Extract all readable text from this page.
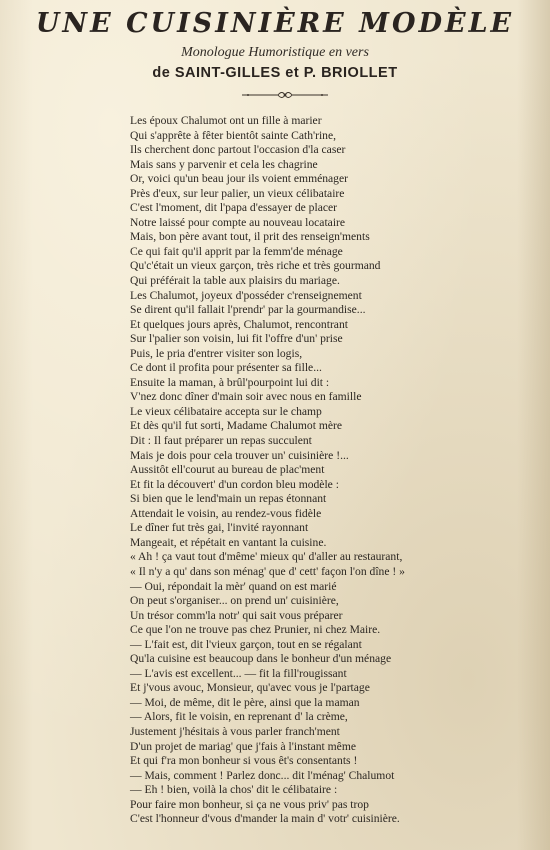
UNE CUISINIÈRE MODÈLE

Monologue Humoristique en vers

de SAINT-GILLES et P. BRIOLLET

Les époux Chalumot ont un fille à marier
Qui s'apprête à fêter bientôt sainte Cath'rine,
Ils cherchent donc partout l'occasion d'la caser
Mais sans y parvenir et cela les chagrine
Or, voici qu'un beau jour ils voient emménager
Près d'eux, sur leur palier, un vieux célibataire
C'est l'moment, dit l'papa d'essayer de placer
Notre laissé pour compte au nouveau locataire
Mais, bon père avant tout, il prit des renseign'ments
Ce qui fait qu'il apprit par la femm'de ménage
Qu'c'était un vieux garçon, très riche et très gourmand
Qui préférait la table aux plaisirs du mariage.
Les Chalumot, joyeux d'posséder c'renseignement
Se dirent qu'il fallait l'prendr' par la gourmandise...
Et quelques jours après, Chalumot, rencontrant
Sur l'palier son voisin, lui fit l'offre d'un' prise
Puis, le pria d'entrer visiter son logis,
Ce dont il profita pour présenter sa fille...
Ensuite la maman, à brûl'pourpoint lui dit :
V'nez donc dîner d'main soir avec nous en famille
Le vieux célibataire accepta sur le champ
Et dès qu'il fut sorti, Madame Chalumot mère
Dit : Il faut préparer un repas succulent
Mais je dois pour cela trouver un' cuisinière !...
Aussitôt ell'courut au bureau de plac'ment
Et fit la découvert' d'un cordon bleu modèle :
Si bien que le lend'main un repas étonnant
Attendait le voisin, au rendez-vous fidèle
Le dîner fut très gai, l'invité rayonnant
Mangeait, et répétait en vantant la cuisine.
« Ah ! ça vaut tout d'même' mieux qu' d'aller au restaurant,
« Il n'y a qu' dans son ménag' que d' cett' façon l'on dîne ! »
— Oui, répondait la mèr' quand on est marié
On peut s'organiser... on prend un' cuisinière,
Un trésor comm'la notr' qui sait vous préparer
Ce que l'on ne trouve pas chez Prunier, ni chez Maire.
— L'fait est, dit l'vieux garçon, tout en se régalant
Qu'la cuisine est beaucoup dans le bonheur d'un ménage
— L'avis est excellent... — fit la fill'rougissant
Et j'vous avouc, Monsieur, qu'avec vous je l'partage
— Moi, de même, dit le père, ainsi que la maman
— Alors, fit le voisin, en reprenant d' la crème,
Justement j'hésitais à vous parler franch'ment
D'un projet de mariag' que j'fais à l'instant même
Et qui f'ra mon bonheur si vous êt's consentants !
— Mais, comment ! Parlez donc... dit l'ménag' Chalumot
— Eh ! bien, voilà la chos' dit le célibataire :
Pour faire mon bonheur, si ça ne vous priv' pas trop
C'est l'honneur d'vous d'mander la main d' votr' cuisinière.
